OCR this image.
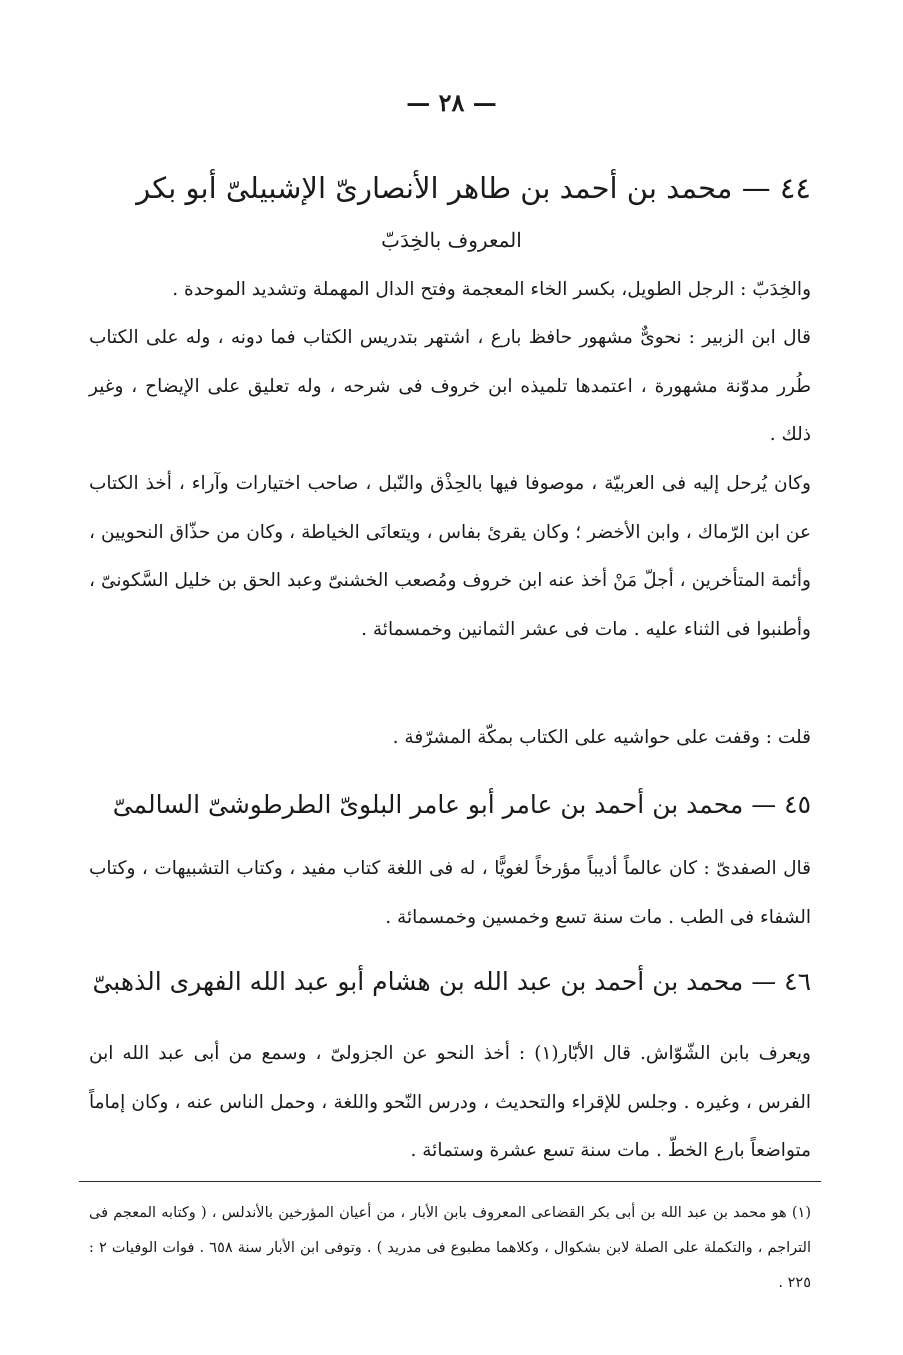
— ٢٨ —
٤٤ — محمد بن أحمد بن طاهر الأنصارىّ الإشبيلىّ أبو بكر
المعروف بالخِدَبّ

والخِدَبّ : الرجل الطويل، بكسر الخاء المعجمة وفتح الدال المهملة وتشديد الموحدة .

قال ابن الزبير : نحوىٌّ مشهور حافظ بارع ، اشتهر بتدريس الكتاب فما دونه ، وله على الكتاب طُرر مدوّنة مشهورة ، اعتمدها تلميذه ابن خروف فى شرحه ، وله تعليق على الإيضاح ، وغير ذلك .

وكان يُرحل إليه فى العربيّة ، موصوفا فيها بالحِذْق والنّبل ، صاحب اختيارات وآراء ، أخذ الكتاب عن ابن الرّماك ، وابن الأخضر ؛ وكان يقرئ بفاس ، ويتعانَى الخياطة ، وكان من حذّاق النحويين ، وأئمة المتأخرين ، أجلّ مَنْ أخذ عنه ابن خروف ومُصعب الخشنىّ وعبد الحق بن خليل السَّكونىّ ، وأطنبوا فى الثناء عليه . مات فى عشر الثمانين وخمسمائة .

قلت : وقفت على حواشيه على الكتاب بمكّة المشرّفة .

٤٥ — محمد بن أحمد بن عامر أبو عامر البلوىّ الطرطوشىّ السالمىّ

قال الصفدىّ : كان عالماً أديباً مؤرخاً لغويًّا ، له فى اللغة كتاب مفيد ، وكتاب التشبيهات ، وكتاب الشفاء فى الطب . مات سنة تسع وخمسين وخمسمائة .

٤٦ — محمد بن أحمد بن عبد الله بن هشام أبو عبد الله الفهرى الذهبىّ

ويعرف بابن الشّوّاش. قال الأبّار(١) : أخذ النحو عن الجزولىّ ، وسمع من أبى عبد الله ابن الفرس ، وغيره . وجلس للإقراء والتحديث ، ودرس النّحو واللغة ، وحمل الناس عنه ، وكان إماماً متواضعاً بارع الخطّ . مات سنة تسع عشرة وستمائة .

(١) هو محمد بن عبد الله بن أبى بكر القضاعى المعروف بابن الأبار ، من أعيان المؤرخين بالأندلس ، ( وكتابه المعجم فى التراجم ، والتكملة على الصلة لابن بشكوال ، وكلاهما مطبوع فى مدريد ) . وتوفى ابن الأبار سنة ٦٥٨ . فوات الوفيات ٢ : ٢٢٥ .
